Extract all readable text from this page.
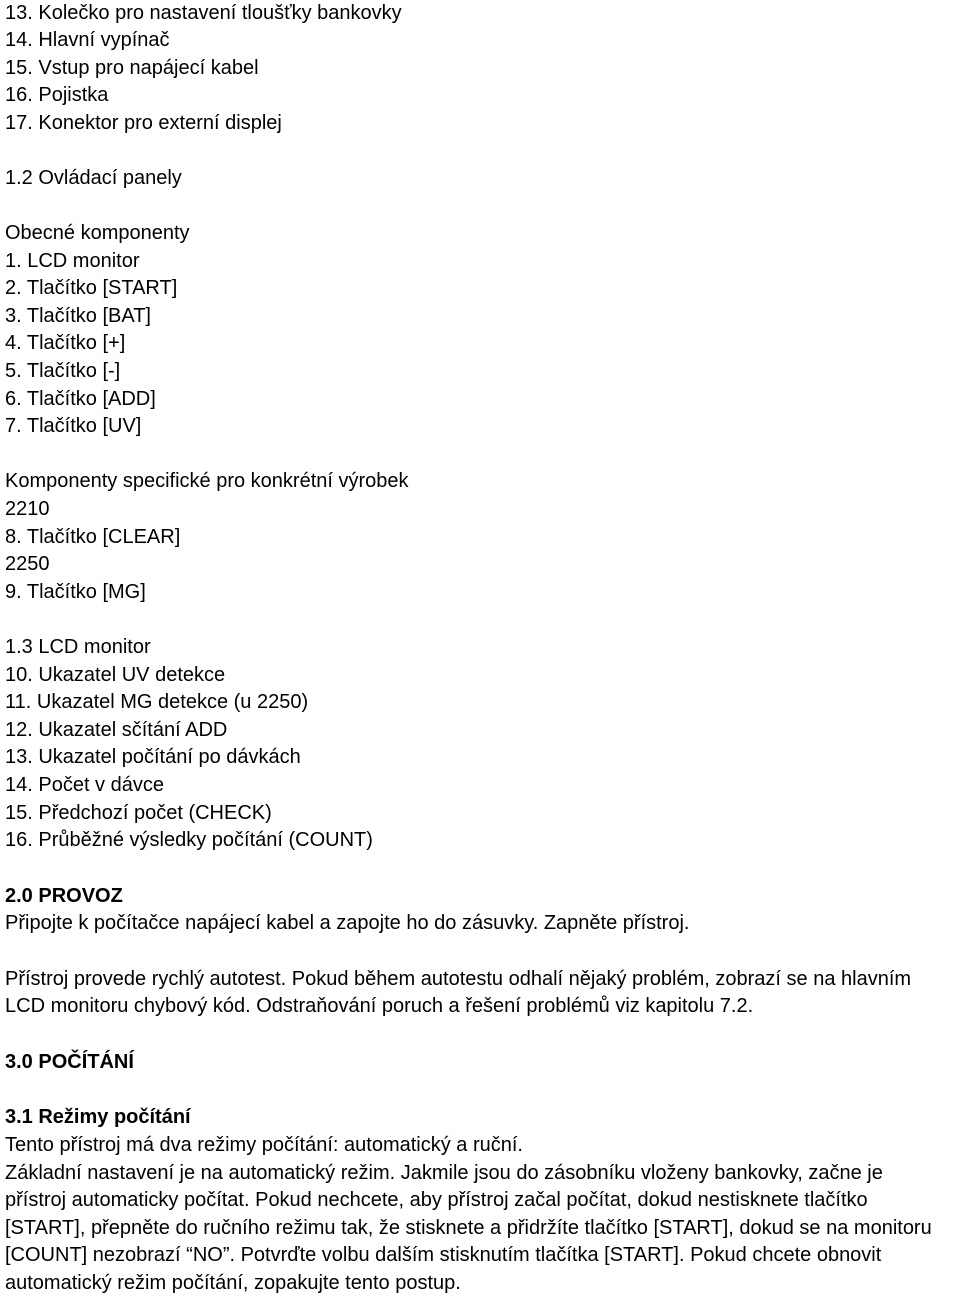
13. Kolečko pro nastavení tloušťky bankovky
14. Hlavní vypínač
15. Vstup pro napájecí kabel
16. Pojistka
17. Konektor pro externí displej
1.2 Ovládací panely
Obecné komponenty
1. LCD monitor
2. Tlačítko [START]
3. Tlačítko [BAT]
4. Tlačítko [+]
5. Tlačítko [-]
6. Tlačítko [ADD]
7. Tlačítko [UV]
Komponenty specifické pro konkrétní výrobek
2210
8. Tlačítko [CLEAR]
2250
9. Tlačítko [MG]
1.3 LCD monitor
10. Ukazatel UV detekce
11. Ukazatel MG detekce (u 2250)
12. Ukazatel sčítání ADD
13. Ukazatel počítání po dávkách
14. Počet v dávce
15. Předchozí počet (CHECK)
16. Průběžné výsledky počítání (COUNT)
2.0 PROVOZ
Připojte k počítačce napájecí kabel a zapojte ho do zásuvky. Zapněte přístroj.
Přístroj provede rychlý autotest. Pokud během autotestu odhalí nějaký problém, zobrazí se na hlavním
LCD monitoru chybový kód. Odstraňování poruch a řešení problémů viz kapitolu 7.2.
3.0 POČÍTÁNÍ
3.1 Režimy počítání
Tento přístroj má dva režimy počítání: automatický a ruční.
Základní nastavení je na automatický režim. Jakmile jsou do zásobníku vloženy bankovky, začne je
přístroj automaticky počítat. Pokud nechcete, aby přístroj začal počítat, dokud nestisknete tlačítko
[START], přepněte do ručního režimu tak, že stisknete a přidržíte tlačítko [START], dokud se na monitoru
[COUNT] nezobrazí “NO”. Potvrďte volbu dalším stisknutím tlačítka [START]. Pokud chcete obnovit
automatický režim počítání, zopakujte tento postup.
